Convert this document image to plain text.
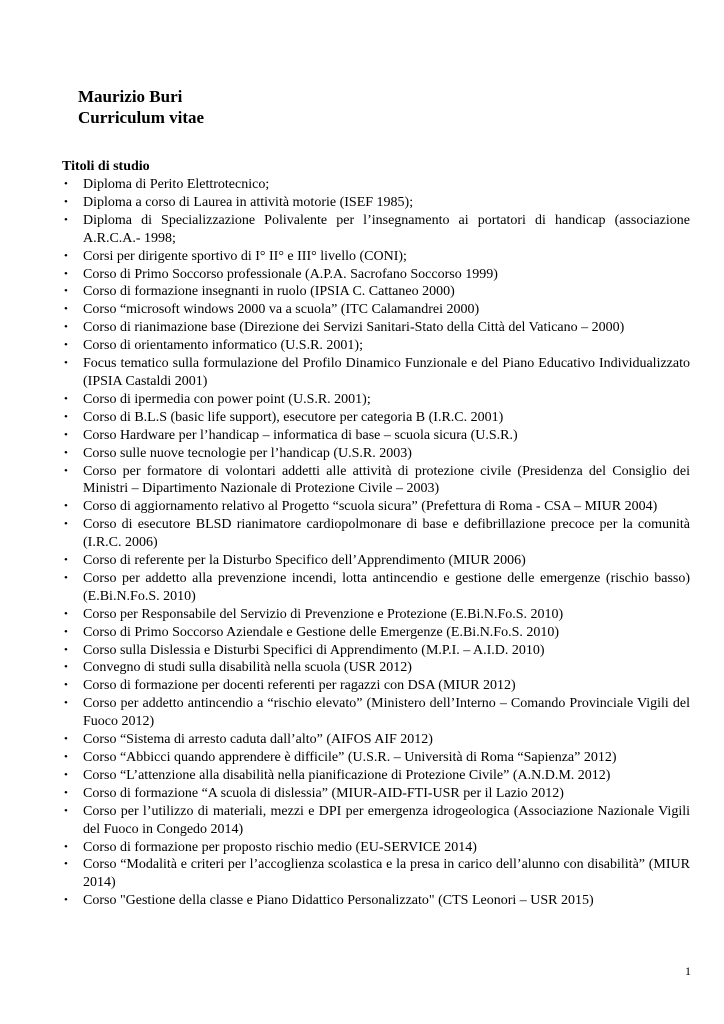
Maurizio Buri
Curriculum vitae
Titoli di studio
• Diploma di Perito Elettrotecnico;
• Diploma a corso di Laurea in attività motorie (ISEF 1985);
• Diploma di Specializzazione Polivalente per l’insegnamento ai portatori di handicap (associazione A.R.C.A.- 1998;
• Corsi per dirigente sportivo di I° II° e III° livello (CONI);
• Corso di Primo Soccorso professionale (A.P.A. Sacrofano Soccorso 1999)
• Corso di formazione insegnanti in ruolo (IPSIA C. Cattaneo 2000)
• Corso “microsoft windows 2000 va a scuola” (ITC Calamandrei 2000)
• Corso di rianimazione base (Direzione dei Servizi Sanitari-Stato della Città del Vaticano – 2000)
• Corso di orientamento informatico (U.S.R. 2001);
• Focus tematico sulla formulazione del Profilo Dinamico Funzionale e del Piano Educativo Individualizzato (IPSIA Castaldi 2001)
• Corso di ipermedia con power point (U.S.R. 2001);
• Corso di B.L.S (basic life support), esecutore per categoria B (I.R.C. 2001)
• Corso Hardware per l’handicap – informatica di base – scuola sicura (U.S.R.)
• Corso sulle nuove tecnologie per l’handicap (U.S.R. 2003)
• Corso per formatore di volontari addetti alle attività di protezione civile (Presidenza del Consiglio dei Ministri – Dipartimento Nazionale di Protezione Civile – 2003)
• Corso di aggiornamento relativo al Progetto “scuola sicura” (Prefettura di Roma - CSA – MIUR 2004)
• Corso di esecutore BLSD rianimatore cardiopolmonare di base e defibrillazione precoce per la comunità (I.R.C. 2006)
• Corso di referente per la Disturbo Specifico dell’Apprendimento (MIUR 2006)
• Corso per addetto alla prevenzione incendi, lotta antincendio e gestione delle emergenze (rischio basso) (E.Bi.N.Fo.S. 2010)
• Corso per Responsabile del Servizio di Prevenzione e Protezione (E.Bi.N.Fo.S. 2010)
• Corso di Primo Soccorso Aziendale e Gestione delle Emergenze (E.Bi.N.Fo.S. 2010)
• Corso sulla Dislessia e Disturbi Specifici di Apprendimento (M.P.I. – A.I.D. 2010)
• Convegno di studi sulla disabilità nella scuola (USR 2012)
• Corso di formazione per docenti referenti per ragazzi con DSA (MIUR 2012)
• Corso per addetto antincendio a “rischio elevato” (Ministero dell’Interno – Comando Provinciale Vigili del Fuoco 2012)
• Corso “Sistema di arresto caduta dall’alto” (AIFOS AIF 2012)
• Corso “Abbicci quando apprendere è difficile” (U.S.R. – Università di Roma “Sapienza” 2012)
• Corso “L’attenzione alla disabilità nella pianificazione di Protezione Civile” (A.N.D.M. 2012)
• Corso di formazione “A scuola di dislessia” (MIUR-AID-FTI-USR per il Lazio 2012)
• Corso per l’utilizzo di materiali, mezzi e DPI per emergenza idrogeologica (Associazione Nazionale Vigili del Fuoco in Congedo 2014)
• Corso di formazione per proposto rischio medio (EU-SERVICE 2014)
• Corso “Modalità e criteri per l’accoglienza scolastica e la presa in carico dell’alunno con disabilità” (MIUR 2014)
• Corso "Gestione della classe e Piano Didattico Personalizzato" (CTS Leonori – USR 2015)
1
